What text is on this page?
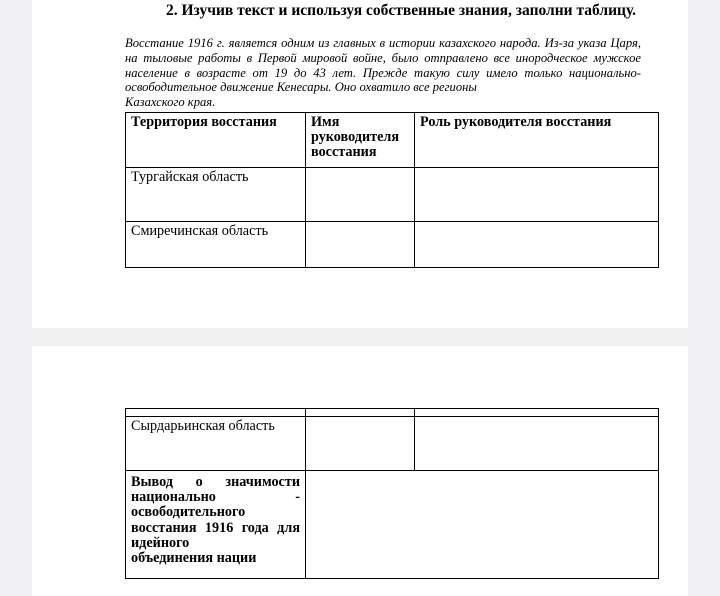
2. Изучив текст и используя собственные знания, заполни таблицу.
Восстание 1916 г. является одним из главных в истории казахского народа. Из-за указа Царя, на тыловые работы в Первой мировой войне, было отправлено все инородческое мужское население в возрасте от 19 до 43 лет. Прежде такую силу имело только национально-освободительное движение Кенесары. Оно охватило все регионы
Казахского края.
Территория восстания	Имя руководителя восстания	Роль руководителя восстания
Тургайская область		
Смиречинская область		

Сырдарьинская область		
Вывод о значимости национально - освободительного восстания 1916 года для идейного
объединения нации		
